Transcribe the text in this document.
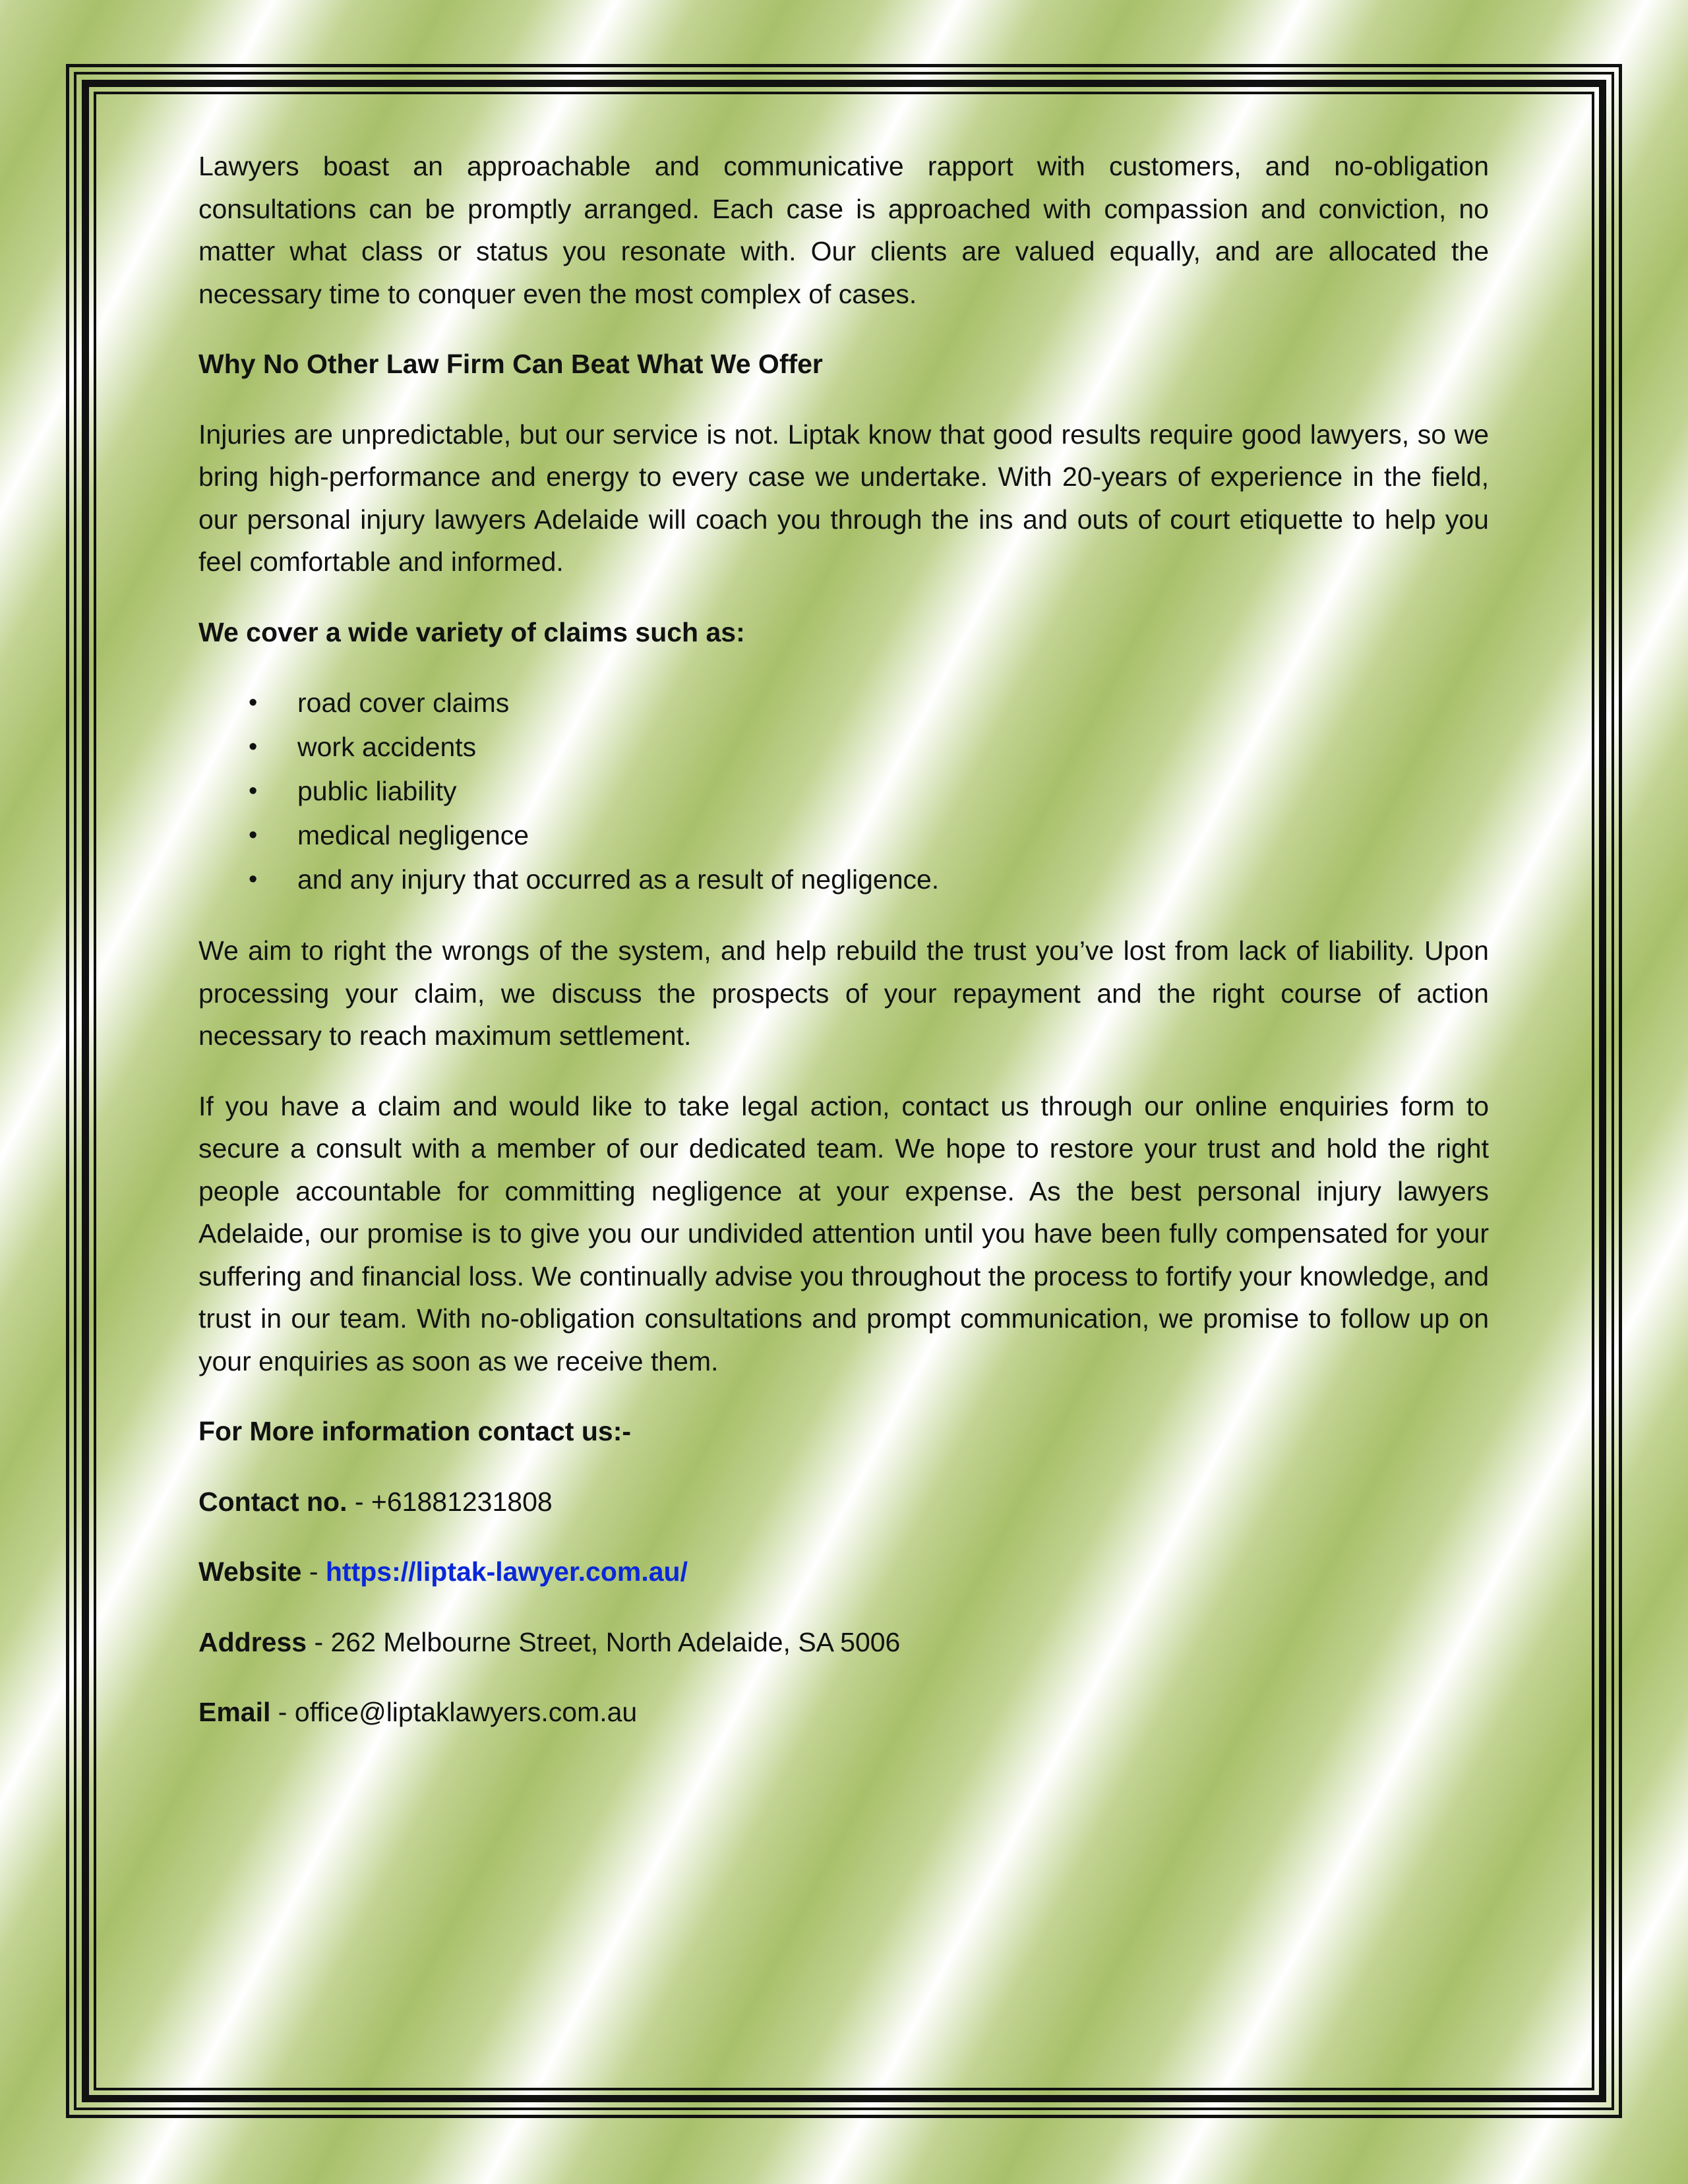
Lawyers boast an approachable and communicative rapport with customers, and no-obligation consultations can be promptly arranged. Each case is approached with compassion and conviction, no matter what class or status you resonate with. Our clients are valued equally, and are allocated the necessary time to conquer even the most complex of cases.

Why No Other Law Firm Can Beat What We Offer

Injuries are unpredictable, but our service is not. Liptak know that good results require good lawyers, so we bring high-performance and energy to every case we undertake. With 20-years of experience in the field, our personal injury lawyers Adelaide will coach you through the ins and outs of court etiquette to help you feel comfortable and informed.

We cover a wide variety of claims such as:

• road cover claims
• work accidents
• public liability
• medical negligence
• and any injury that occurred as a result of negligence.

We aim to right the wrongs of the system, and help rebuild the trust you’ve lost from lack of liability. Upon processing your claim, we discuss the prospects of your repayment and the right course of action necessary to reach maximum settlement.

If you have a claim and would like to take legal action, contact us through our online enquiries form to secure a consult with a member of our dedicated team. We hope to restore your trust and hold the right people accountable for committing negligence at your expense. As the best personal injury lawyers Adelaide, our promise is to give you our undivided attention until you have been fully compensated for your suffering and financial loss. We continually advise you throughout the process to fortify your knowledge, and trust in our team. With no-obligation consultations and prompt communication, we promise to follow up on your enquiries as soon as we receive them.

For More information contact us:-

Contact no. - +61881231808

Website - https://liptak-lawyer.com.au/

Address - 262 Melbourne Street, North Adelaide, SA 5006

Email - office@liptaklawyers.com.au
